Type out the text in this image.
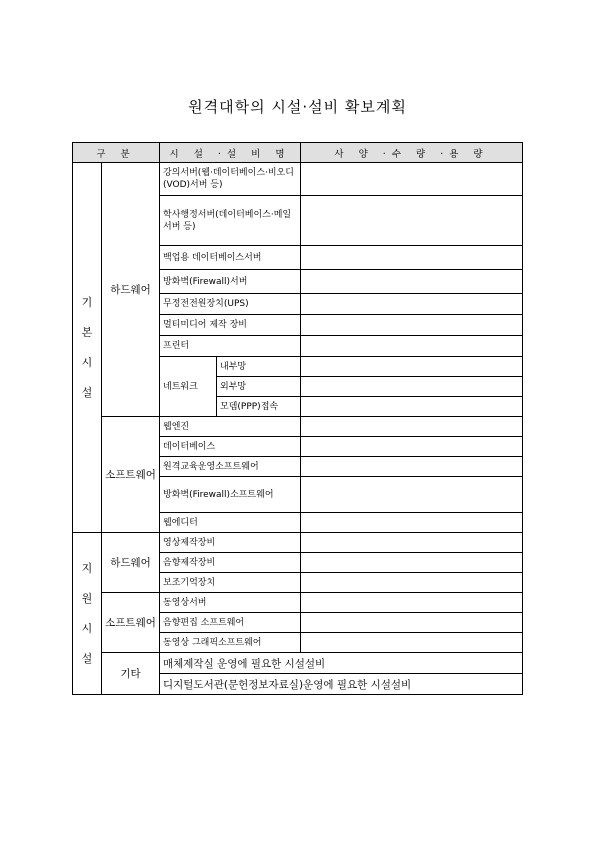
원격대학의 시설·설비 확보계획
구 분		시 설 ·설 비 명		사 양 ·수 량 ·용 량
기
본
시
설	하드웨어	강의서버(웹·데이터베이스·비오디(VOD)서버 등)		
		학사행정서버(데이터베이스·메일서버 등)		
		백업용 데이터베이스서버		
		방화벽(Firewall)서버		
		무정전전원장치(UPS)		
		멀티미디어 제작 장비		
		프린터		
		네트워크	내부망	
			외부망	
			모뎀(PPP)접속	
	소프트웨어	웹엔진		
		데이터베이스		
		원격교육운영소프트웨어		
		방화벽(Firewall)소프트웨어		
		웹에디터		
지
원
시
설	하드웨어	영상제작장비		
		음향제작장비		
		보조기억장치		
	소프트웨어	동영상서버		
		음향편집 소프트웨어		
		동영상 그래픽소프트웨어		
	기타	매체제작실 운영에 필요한 시설설비		
		디지털도서관(문헌정보자료실)운영에 필요한 시설설비		
